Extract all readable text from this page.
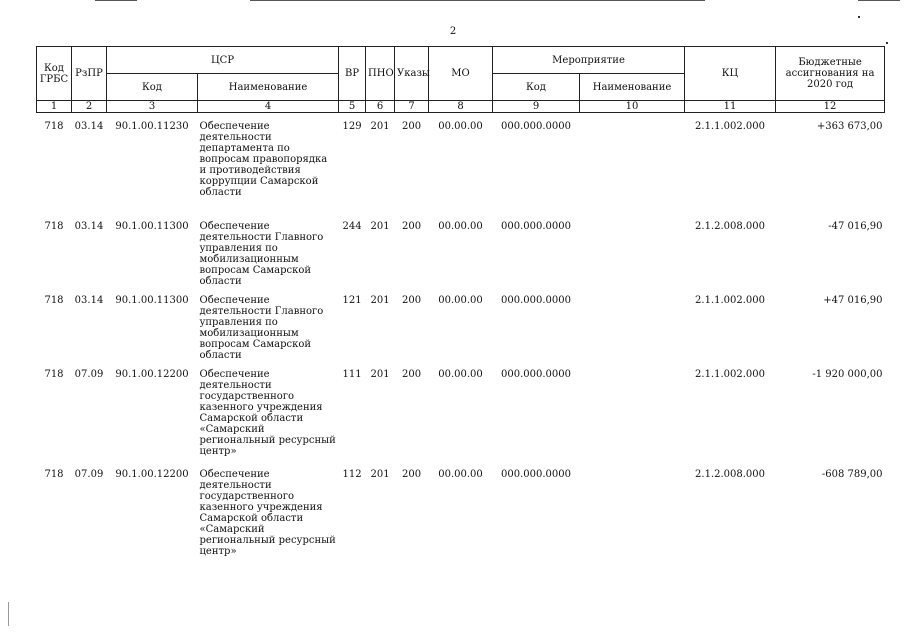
2
Код ГРБС	РзПР	ЦСР		ВР	ПНО	Указы	МО	Мероприятие		КЦ	Бюджетные ассигнования на 2020 год
		Код	Наименование					Код	Наименование		
1	2	3	4	5	6	7	8	9	10	11	12
718	03.14	90.1.00.11230	Обеспечение деятельности департамента по вопросам правопорядка и противодействия коррупции Самарской области	129	201	200	00.00.00	000.000.0000		2.1.1.002.000	+363 673,00
718	03.14	90.1.00.11300	Обеспечение деятельности Главного управления по мобилизационным вопросам Самарской области	244	201	200	00.00.00	000.000.0000		2.1.2.008.000	-47 016,90
718	03.14	90.1.00.11300	Обеспечение деятельности Главного управления по мобилизационным вопросам Самарской области	121	201	200	00.00.00	000.000.0000		2.1.1.002.000	+47 016,90
718	07.09	90.1.00.12200	Обеспечение деятельности государственного казенного учреждения Самарской области «Самарский региональный ресурсный центр»	111	201	200	00.00.00	000.000.0000		2.1.1.002.000	-1 920 000,00
718	07.09	90.1.00.12200	Обеспечение деятельности государственного казенного учреждения Самарской области «Самарский региональный ресурсный центр»	112	201	200	00.00.00	000.000.0000		2.1.2.008.000	-608 789,00
